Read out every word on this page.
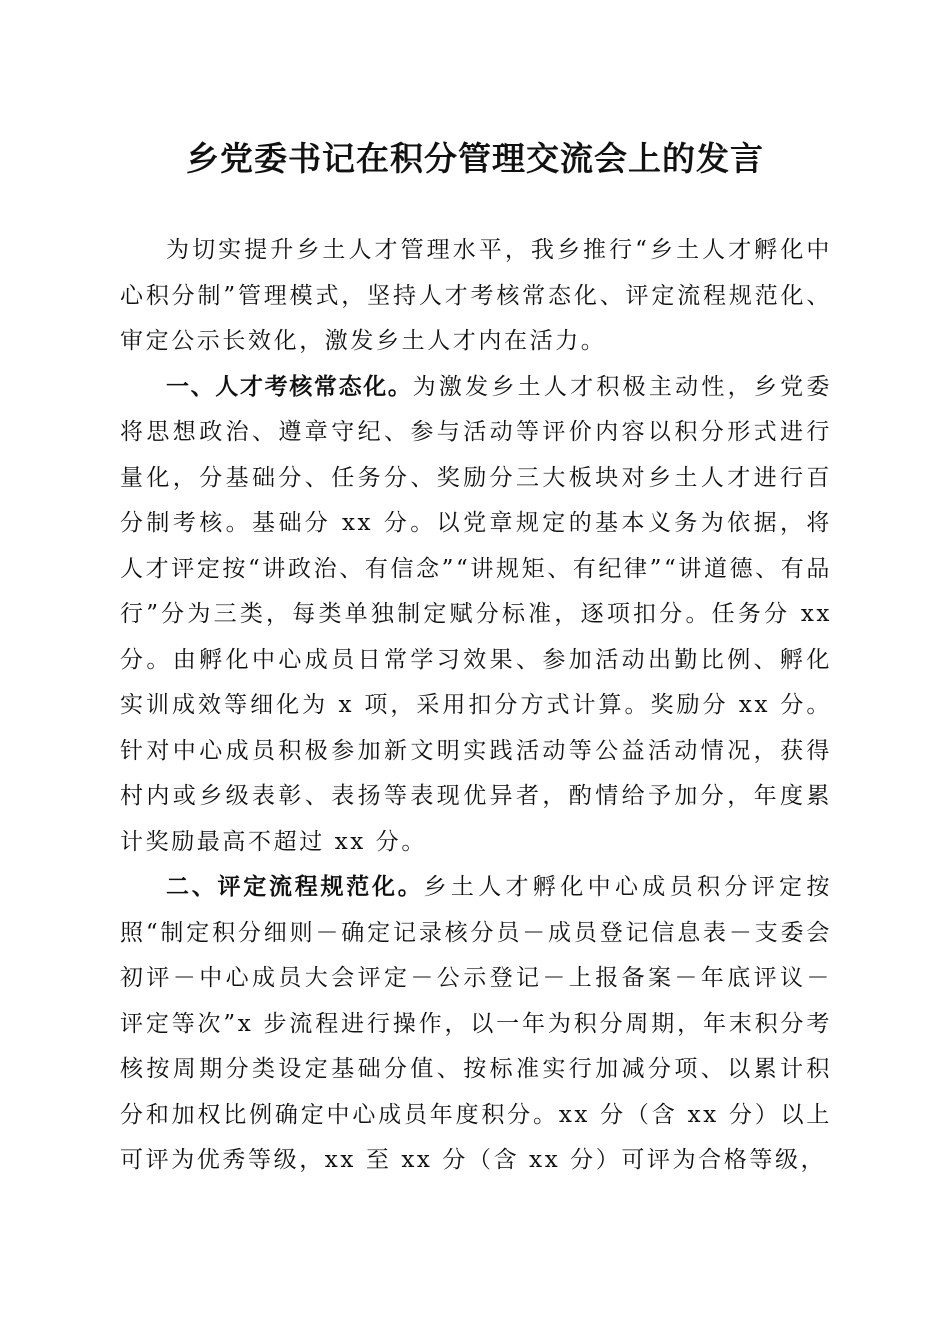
乡党委书记在积分管理交流会上的发言

为切实提升乡土人才管理水平，我乡推行“乡土人才孵化中心积分制”管理模式，坚持人才考核常态化、评定流程规范化、审定公示长效化，激发乡土人才内在活力。

一、人才考核常态化。为激发乡土人才积极主动性，乡党委将思想政治、遵章守纪、参与活动等评价内容以积分形式进行量化，分基础分、任务分、奖励分三大板块对乡土人才进行百分制考核。基础分 xx 分。以党章规定的基本义务为依据，将人才评定按“讲政治、有信念”“讲规矩、有纪律”“讲道德、有品行”分为三类，每类单独制定赋分标准，逐项扣分。任务分 xx 分。由孵化中心成员日常学习效果、参加活动出勤比例、孵化实训成效等细化为 x 项，采用扣分方式计算。奖励分 xx 分。针对中心成员积极参加新文明实践活动等公益活动情况，获得村内或乡级表彰、表扬等表现优异者，酌情给予加分，年度累计奖励最高不超过 xx 分。

二、评定流程规范化。乡土人才孵化中心成员积分评定按照“制定积分细则－确定记录核分员－成员登记信息表－支委会初评－中心成员大会评定－公示登记－上报备案－年底评议－评定等次”x 步流程进行操作，以一年为积分周期，年末积分考核按周期分类设定基础分值、按标准实行加减分项、以累计积分和加权比例确定中心成员年度积分。xx 分（含 xx 分）以上可评为优秀等级，xx 至 xx 分（含 xx 分）可评为合格等级，
